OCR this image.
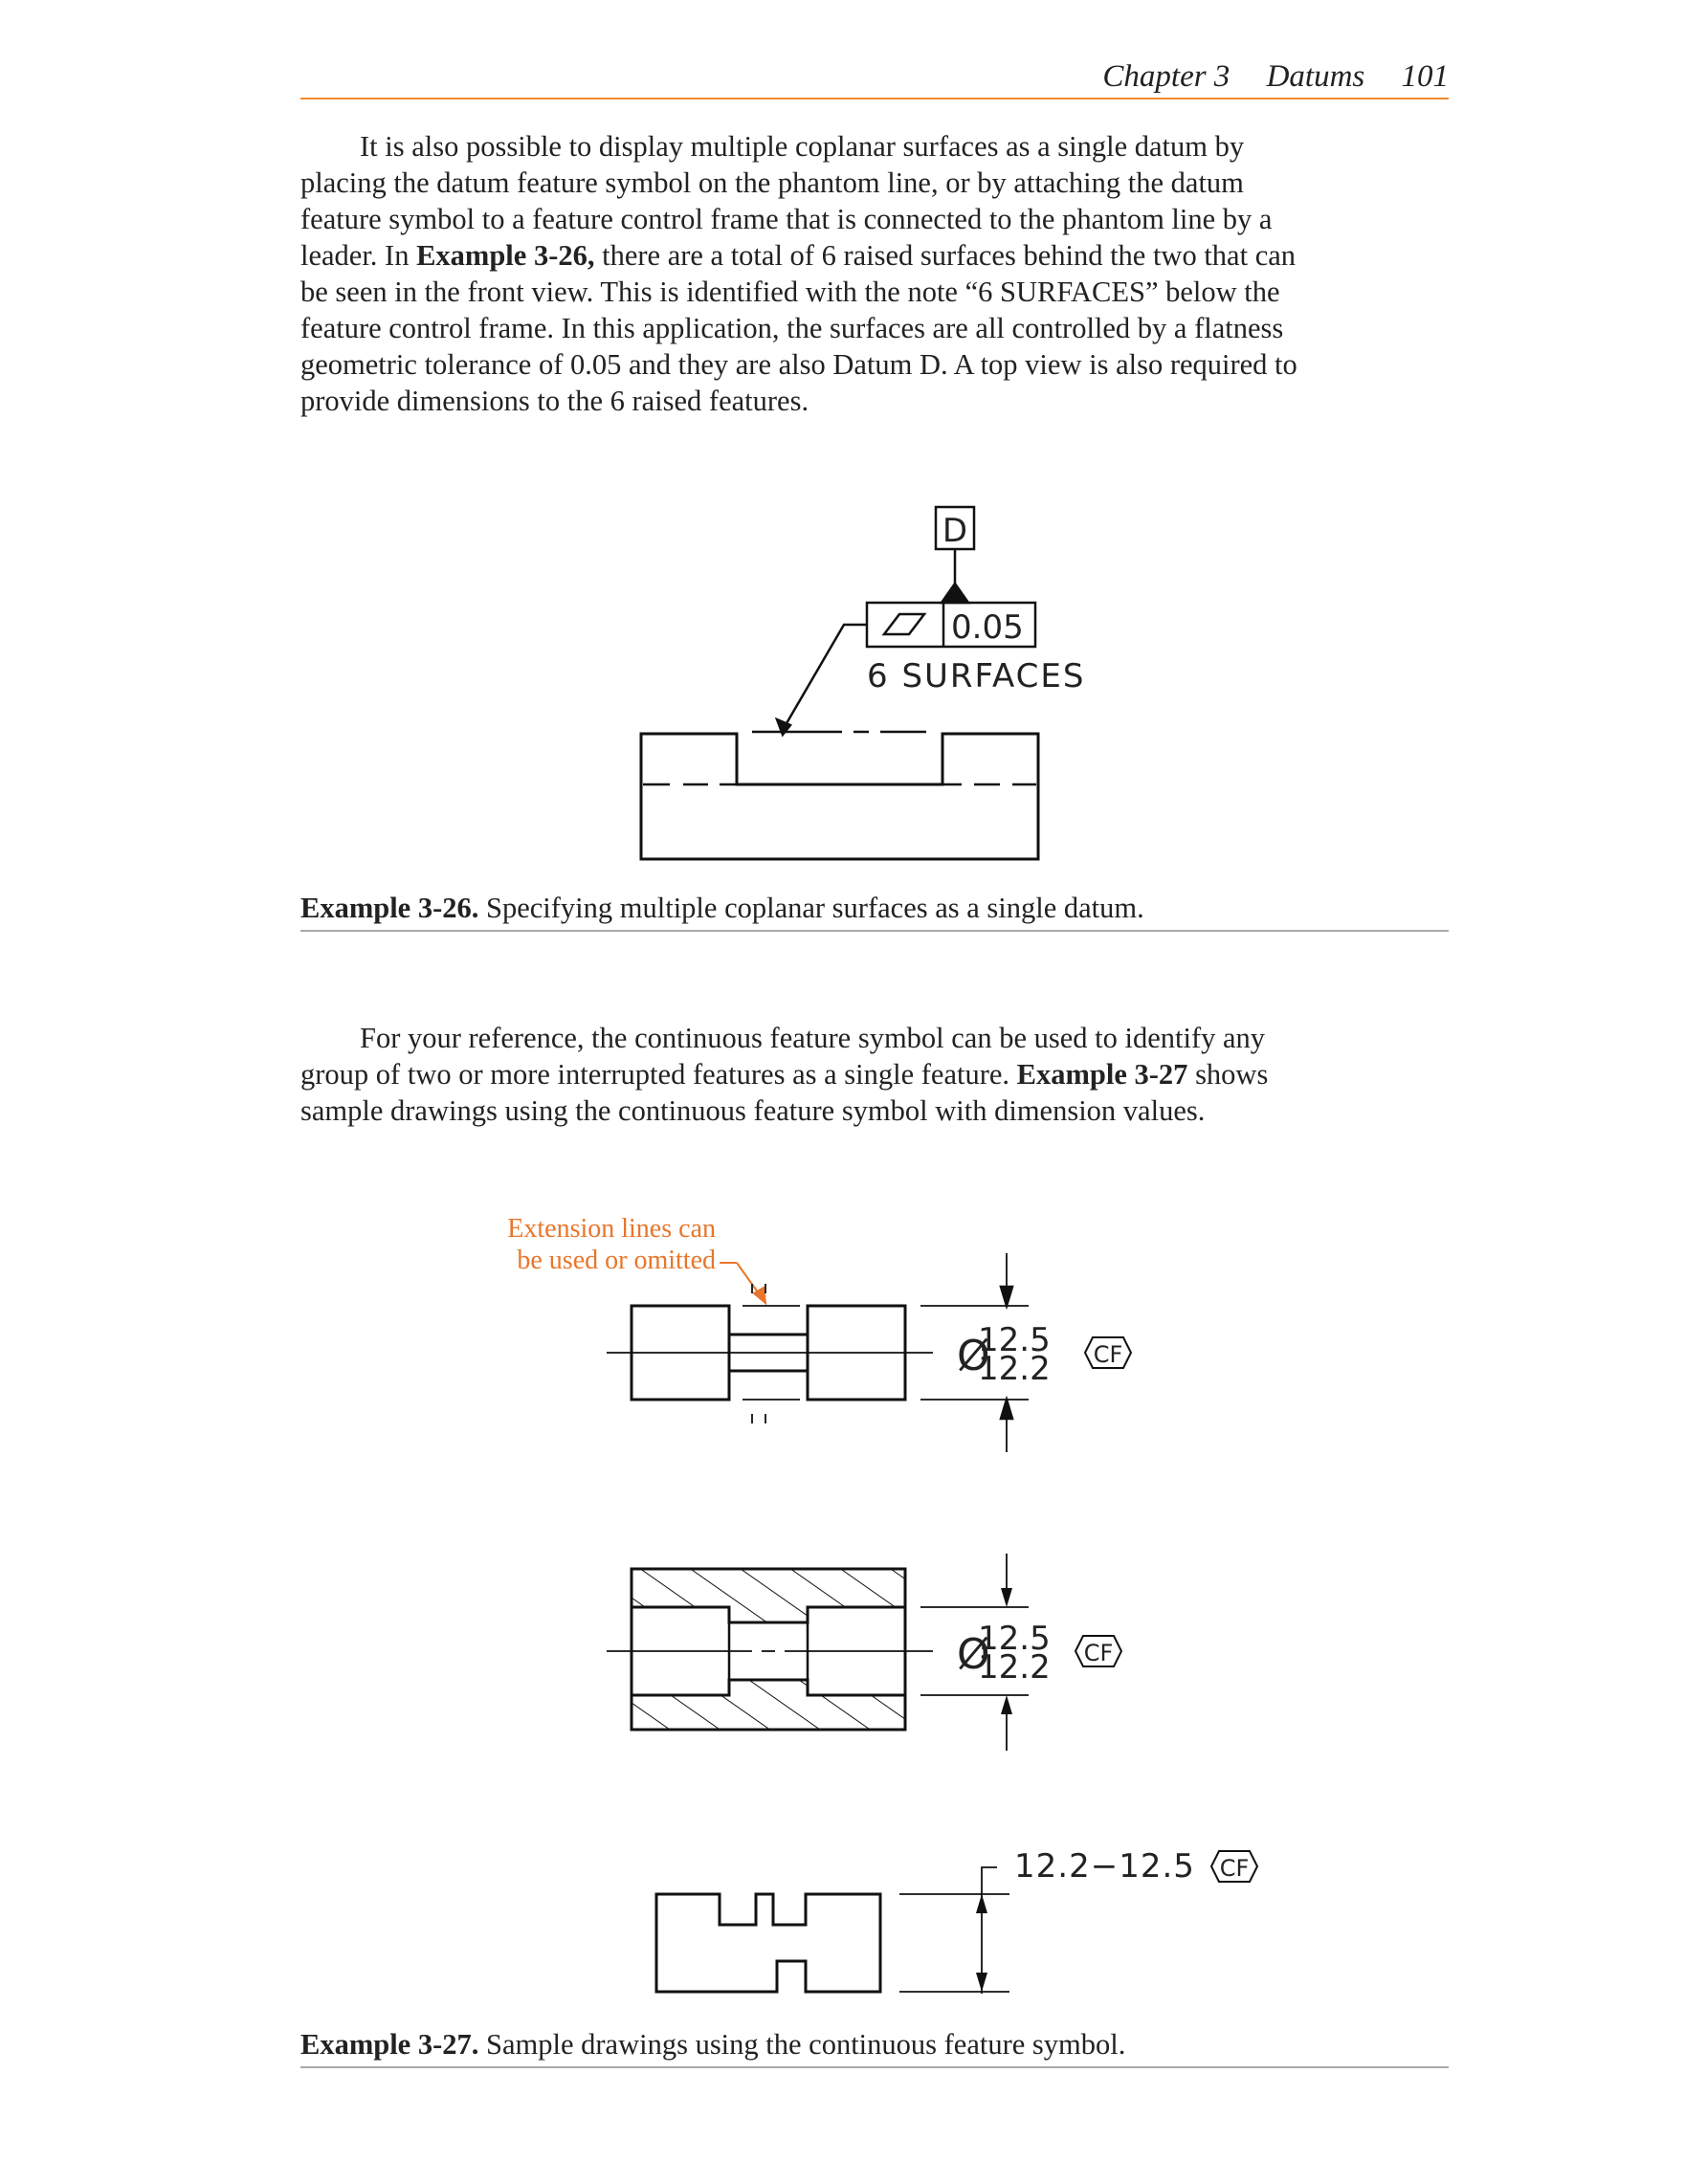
Chapter 3 Datums 101
It is also possible to display multiple coplanar surfaces as a single datum by
placing the datum feature symbol on the phantom line, or by attaching the datum
feature symbol to a feature control frame that is connected to the phantom line by a
leader. In Example 3-26, there are a total of 6 raised surfaces behind the two that can
be seen in the front view. This is identified with the note “6 SURFACES” below the
feature control frame. In this application, the surfaces are all controlled by a flatness
geometric tolerance of 0.05 and they are also Datum D. A top view is also required to
provide dimensions to the 6 raised features.
D
0.05
6 SURFACES
Example 3-26. Specifying multiple coplanar surfaces as a single datum.
For your reference, the continuous feature symbol can be used to identify any
group of two or more interrupted features as a single feature. Example 3-27 shows
sample drawings using the continuous feature symbol with dimension values.
Extension lines can
be used or omitted
Ø
12.5
12.2 CF
Ø
12.5
12.2 CF
12.2−12.5 CF
Example 3-27. Sample drawings using the continuous feature symbol.
